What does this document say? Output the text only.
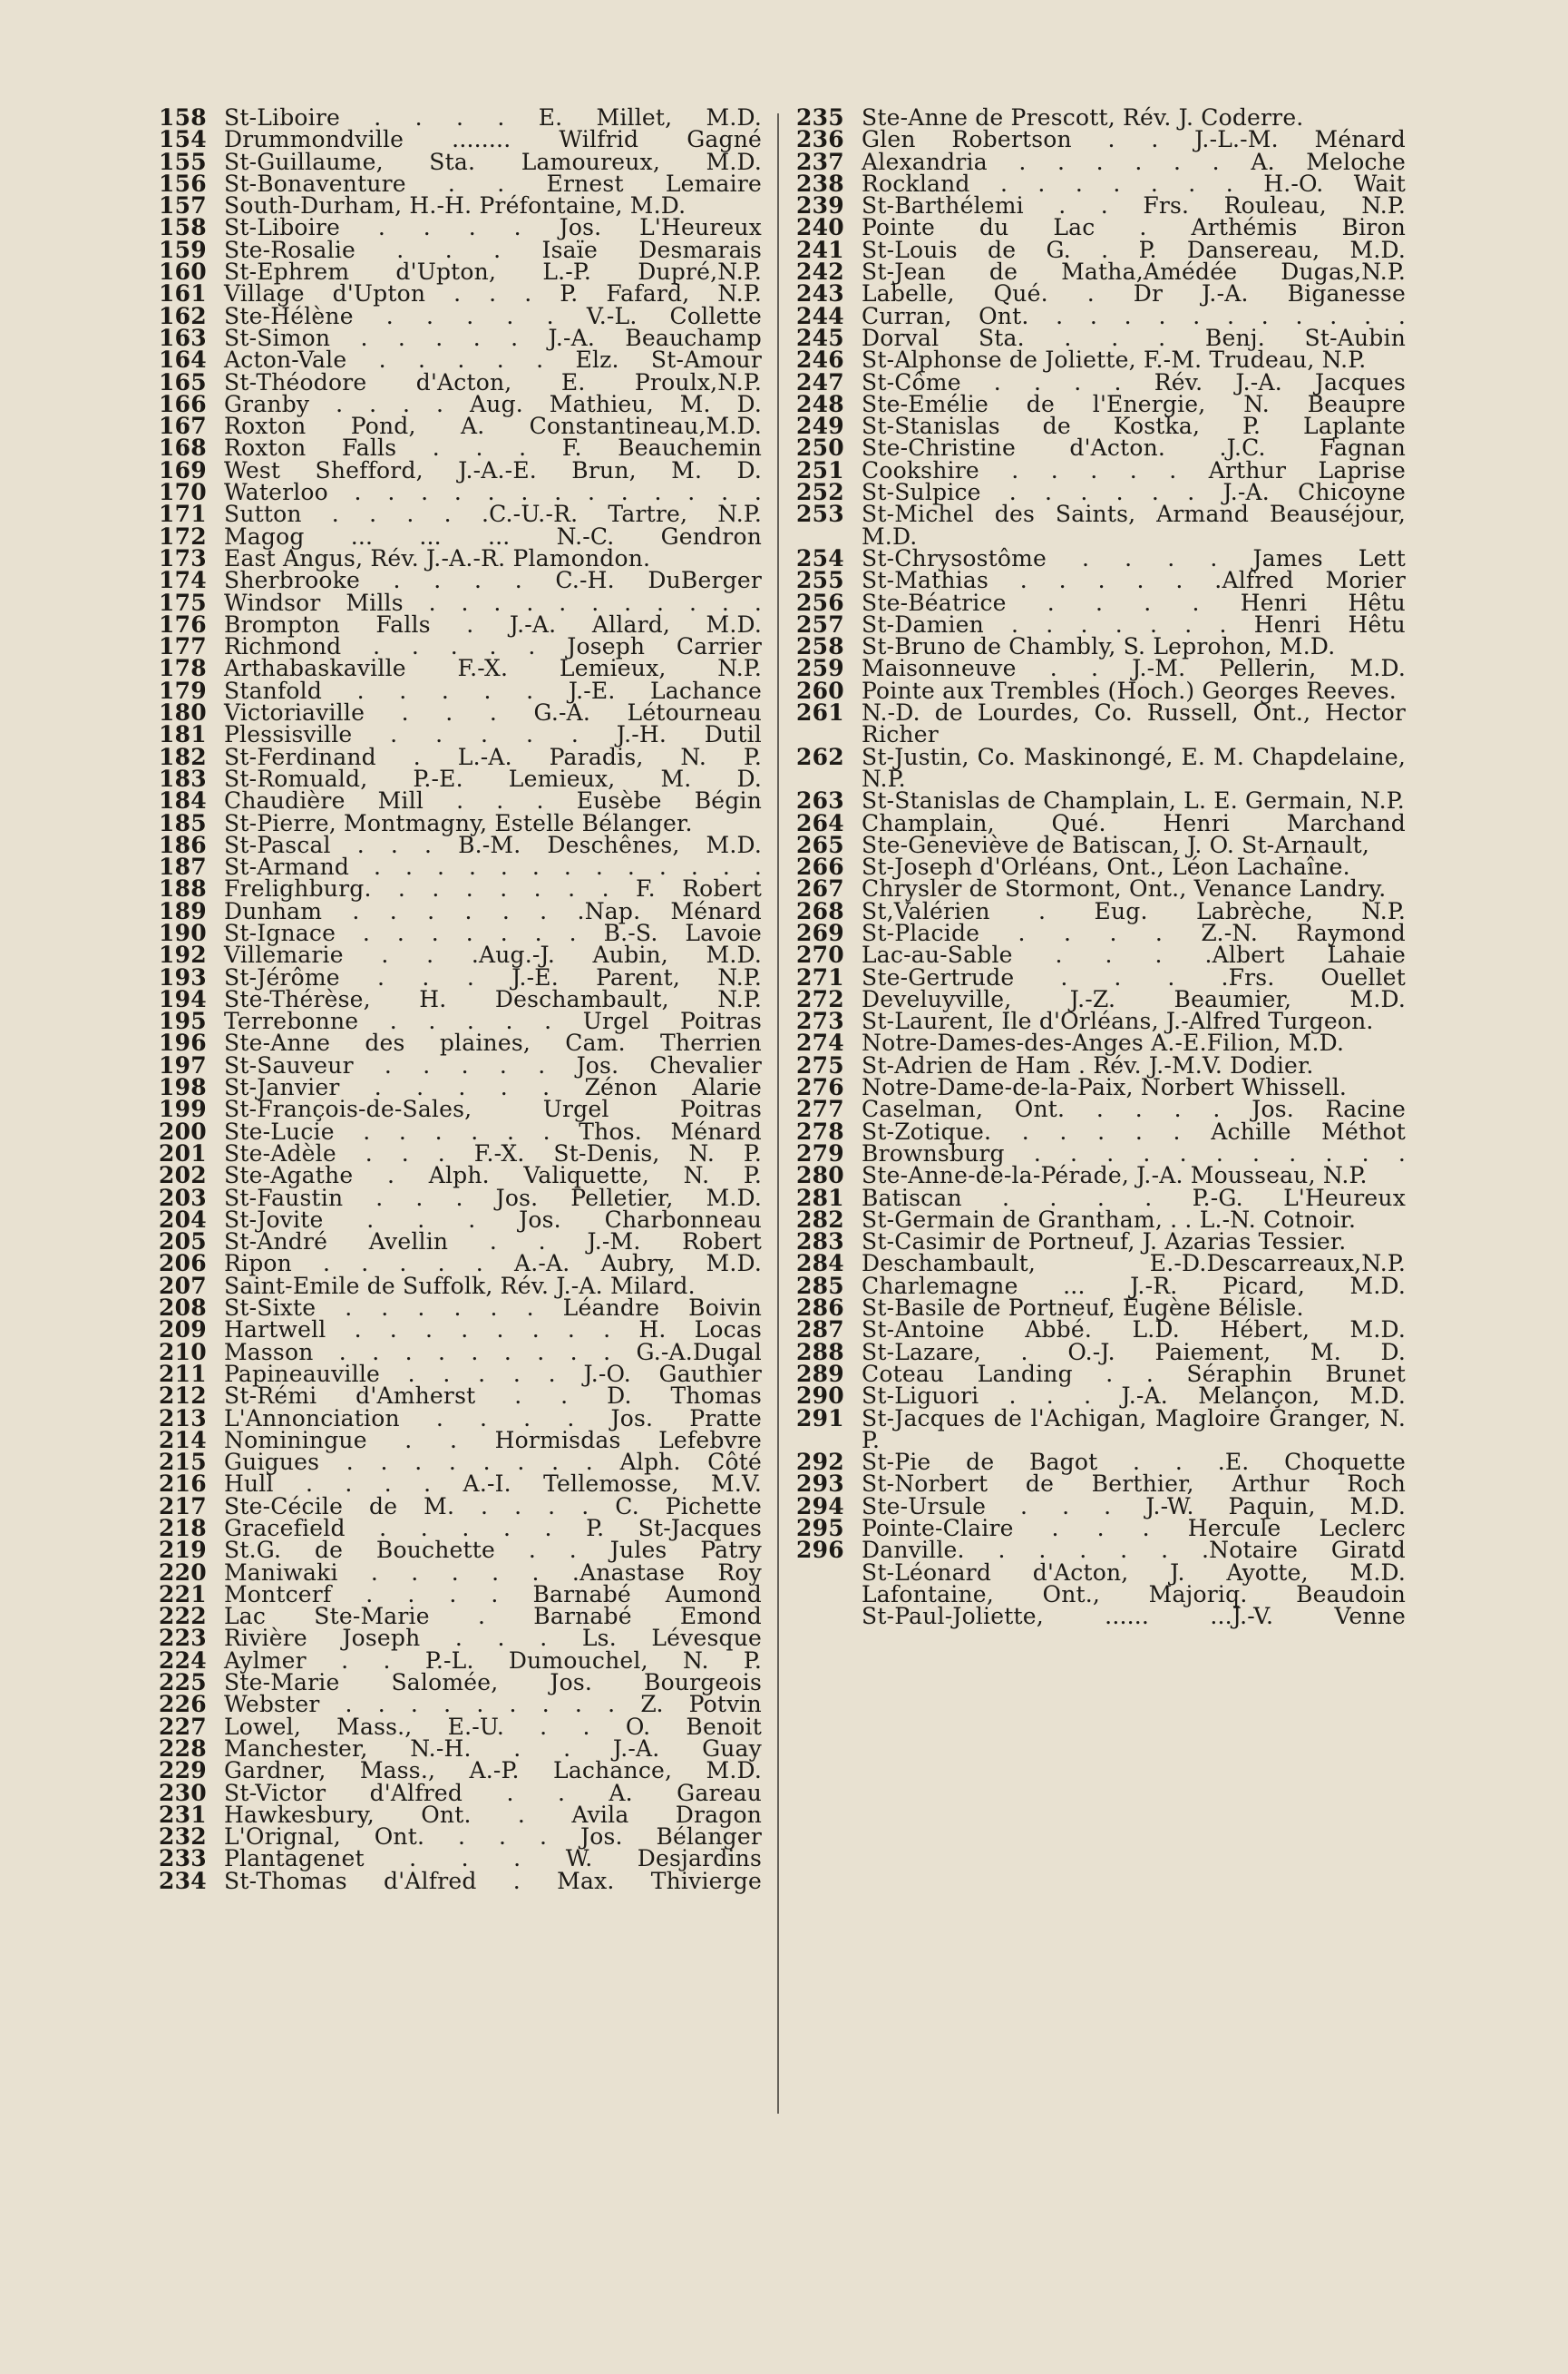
158 St-Liboire . . . . E. Millet, M.D.
154 Drummondville ........ Wilfrid Gagné
155 St-Guillaume, Sta. Lamoureux, M.D.
156 St-Bonaventure . . Ernest Lemaire
157 South-Durham, H.-H. Préfontaine, M.D.
158 St-Liboire . . . . Jos. L'Heureux
159 Ste-Rosalie . . . Isaïe Desmarais
160 St-Ephrem d'Upton, L.-P. Dupré,N.P.
161 Village d'Upton . . . P. Fafard, N.P.
162 Ste-Hélène . . . . . V.-L. Collette
163 St-Simon . . . . . J.-A. Beauchamp
164 Acton-Vale . . . . . Elz. St-Amour
165 St-Théodore d'Acton, E. Proulx,N.P.
166 Granby . . . . Aug. Mathieu, M. D.
167 Roxton Pond, A. Constantineau,M.D.
168 Roxton Falls . . . F. Beauchemin
169 West Shefford, J.-A.-E. Brun, M. D.
170 Waterloo . . . . . . . . . . . . .
171 Sutton . . . . .C.-U.-R. Tartre, N.P.
172 Magog ... ... ... N.-C. Gendron
173 East Angus, Rév. J.-A.-R. Plamondon.
174 Sherbrooke . . . . C.-H. DuBerger
175 Windsor Mills . . . . . . . . . . .
176 Brompton Falls . J.-A. Allard, M.D.
177 Richmond . . . . . Joseph Carrier
178 Arthabaskaville F.-X. Lemieux, N.P.
179 Stanfold . . . . . J.-E. Lachance
180 Victoriaville . . . G.-A. Létourneau
181 Plessisville . . . . . J.-H. Dutil
182 St-Ferdinand . L.-A. Paradis, N. P.
183 St-Romuald, P.-E. Lemieux, M. D.
184 Chaudière Mill . . . Eusèbe Bégin
185 St-Pierre, Montmagny, Estelle Bélanger.
186 St-Pascal . . . B.-M. Deschênes, M.D.
187 St-Armand . . . . . . . . . . . . .
188 Frelighburg. . . . . . . . F. Robert
189 Dunham . . . . . . .Nap. Ménard
190 St-Ignace . . . . . . . B.-S. Lavoie
192 Villemarie . . .Aug.-J. Aubin, M.D.
193 St-Jérôme . . . J.-E. Parent, N.P.
194 Ste-Thérèse, H. Deschambault, N.P.
195 Terrebonne . . . . . Urgel Poitras
196 Ste-Anne des plaines, Cam. Therrien
197 St-Sauveur . . . . . Jos. Chevalier
198 St-Janvier . . . . . Zénon Alarie
199 St-François-de-Sales, Urgel Poitras
200 Ste-Lucie . . . . . . Thos. Ménard
201 Ste-Adèle . . . F.-X. St-Denis, N. P.
202 Ste-Agathe . Alph. Valiquette, N. P.
203 St-Faustin . . . Jos. Pelletier, M.D.
204 St-Jovite . . . Jos. Charbonneau
205 St-André Avellin . . J.-M. Robert
206 Ripon . . . . . A.-A. Aubry, M.D.
207 Saint-Emile de Suffolk, Rév. J.-A. Milard.
208 St-Sixte . . . . . . Léandre Boivin
209 Hartwell . . . . . . . . H. Locas
210 Masson . . . . . . . . . G.-A.Dugal
211 Papineauville . . . . . J.-O. Gauthier
212 St-Rémi d'Amherst . . D. Thomas
213 L'Annonciation . . . . Jos. Pratte
214 Nominingue . . Hormisdas Lefebvre
215 Guigues . . . . . . . . Alph. Côté
216 Hull . . . . A.-I. Tellemosse, M.V.
217 Ste-Cécile de M. . . . . C. Pichette
218 Gracefield . . . . . P. St-Jacques
219 St.G. de Bouchette . . Jules Patry
220 Maniwaki . . . . . .Anastase Roy
221 Montcerf . . . . Barnabé Aumond
222 Lac Ste-Marie . Barnabé Emond
223 Rivière Joseph . . . Ls. Lévesque
224 Aylmer . . P.-L. Dumouchel, N. P.
225 Ste-Marie Salomée, Jos. Bourgeois
226 Webster . . . . . . . . . Z. Potvin
227 Lowel, Mass., E.-U. . . O. Benoit
228 Manchester, N.-H. . . J.-A. Guay
229 Gardner, Mass., A.-P. Lachance, M.D.
230 St-Victor d'Alfred . . A. Gareau
231 Hawkesbury, Ont. . Avila Dragon
232 L'Orignal, Ont. . . . Jos. Bélanger
233 Plantagenet . . . W. Desjardins
234 St-Thomas d'Alfred . Max. Thivierge
235 Ste-Anne de Prescott, Rév. J. Coderre.
236 Glen Robertson . . J.-L.-M. Ménard
237 Alexandria . . . . . . A. Meloche
238 Rockland . . . . . . . H.-O. Wait
239 St-Barthélemi . . Frs. Rouleau, N.P.
240 Pointe du Lac . Arthémis Biron
241 St-Louis de G. . P. Dansereau, M.D.
242 St-Jean de Matha,Amédée Dugas,N.P.
243 Labelle, Qué. . Dr J.-A. Biganesse
244 Curran, Ont. . . . . . . . . . . .
245 Dorval Sta. . . . Benj. St-Aubin
246 St-Alphonse de Joliette, F.-M. Trudeau, N.P.
247 St-Côme . . . . Rév. J.-A. Jacques
248 Ste-Emélie de l'Energie, N. Beaupre
249 St-Stanislas de Kostka, P. Laplante
250 Ste-Christine d'Acton. .J.C. Fagnan
251 Cookshire . . . . . Arthur Laprise
252 St-Sulpice . . . . . . J.-A. Chicoyne
253 St-Michel des Saints, Armand Beauséjour, M.D.
254 St-Chrysostôme . . . . James Lett
255 St-Mathias . . . . . .Alfred Morier
256 Ste-Béatrice . . . . Henri Hêtu
257 St-Damien . . . . . . . Henri Hêtu
258 St-Bruno de Chambly, S. Leprohon, M.D.
259 Maisonneuve . . J.-M. Pellerin, M.D.
260 Pointe aux Trembles (Hoch.) Georges Reeves.
261 N.-D. de Lourdes, Co. Russell, Ont., Hector Richer
262 St-Justin, Co. Maskinongé, E. M. Chapdelaine, N.P.
263 St-Stanislas de Champlain, L. E. Germain, N.P.
264 Champlain, Qué. Henri Marchand
265 Ste-Geneviève de Batiscan, J. O. St-Arnault,
266 St-Joseph d'Orléans, Ont., Léon Lachaîne.
267 Chrysler de Stormont, Ont., Venance Landry.
268 St,Valérien . Eug. Labrèche, N.P.
269 St-Placide . . . . Z.-N. Raymond
270 Lac-au-Sable . . . .Albert Lahaie
271 Ste-Gertrude . . . .Frs. Ouellet
272 Develuyville, J.-Z. Beaumier, M.D.
273 St-Laurent, Ile d'Orléans, J.-Alfred Turgeon.
274 Notre-Dames-des-Anges A.-E.Filion, M.D.
275 St-Adrien de Ham . Rév. J.-M.V. Dodier.
276 Notre-Dame-de-la-Paix, Norbert Whissell.
277 Caselman, Ont. . . . . Jos. Racine
278 St-Zotique. . . . . . Achille Méthot
279 Brownsburg . . . . . . . . . . .
280 Ste-Anne-de-la-Pérade, J.-A. Mousseau, N.P.
281 Batiscan . . . . P.-G. L'Heureux
282 St-Germain de Grantham, . . L.-N. Cotnoir.
283 St-Casimir de Portneuf, J. Azarias Tessier.
284 Deschambault, E.-D.Descarreaux,N.P.
285 Charlemagne ... J.-R. Picard, M.D.
286 St-Basile de Portneuf, Eugène Bélisle.
287 St-Antoine Abbé. L.D. Hébert, M.D.
288 St-Lazare, . O.-J. Paiement, M. D.
289 Coteau Landing . . Séraphin Brunet
290 St-Liguori . . . J.-A. Melançon, M.D.
291 St-Jacques de l'Achigan, Magloire Granger, N. P.
292 St-Pie de Bagot . . .E. Choquette
293 St-Norbert de Berthier, Arthur Roch
294 Ste-Ursule . . . J.-W. Paquin, M.D.
295 Pointe-Claire . . . Hercule Leclerc
296 Danville. . . . . . .Notaire Giratd
St-Léonard d'Acton, J. Ayotte, M.D.
Lafontaine, Ont., Majoriq. Beaudoin
St-Paul-Joliette, ...... ...J.-V. Venne
